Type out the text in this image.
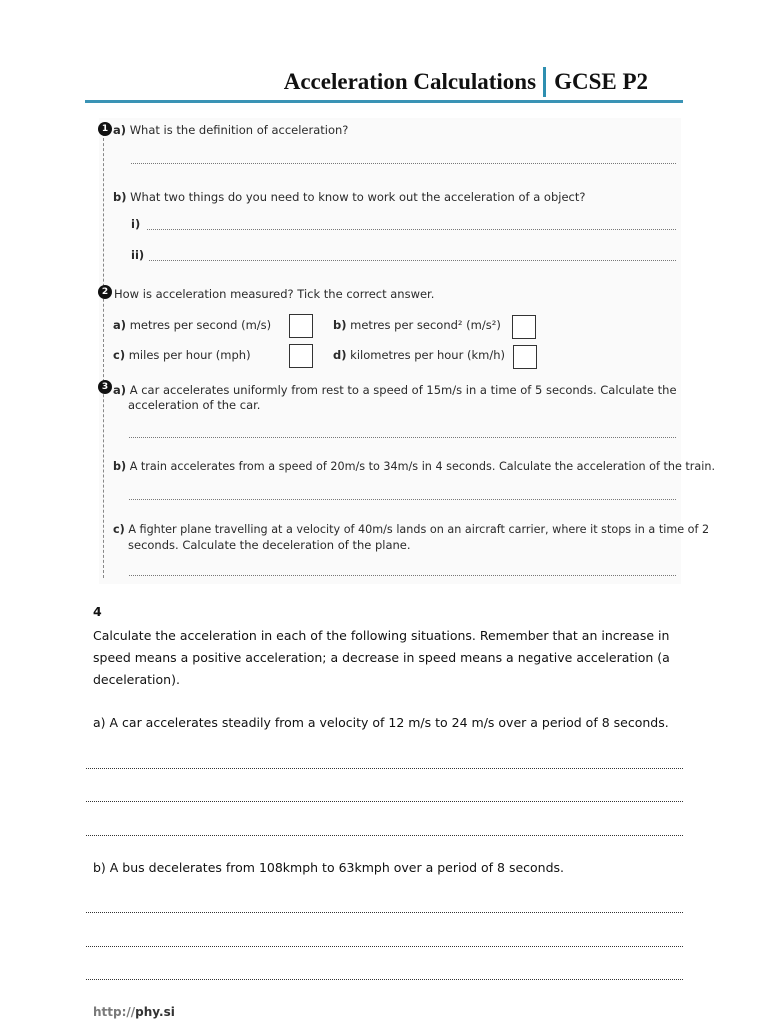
Acceleration Calculations GCSE P2
1 a) What is the definition of acceleration?
b) What two things do you need to know to work out the acceleration of a object?
i)
ii)
2 How is acceleration measured? Tick the correct answer.
a) metres per second (m/s)	b) metres per second² (m/s²)
c) miles per hour (mph)	d) kilometres per hour (km/h)
3 a) A car accelerates uniformly from rest to a speed of 15m/s in a time of 5 seconds. Calculate the
acceleration of the car.
b) A train accelerates from a speed of 20m/s to 34m/s in 4 seconds. Calculate the acceleration of the train.
c) A fighter plane travelling at a velocity of 40m/s lands on an aircraft carrier, where it stops in a time of 2
seconds. Calculate the deceleration of the plane.
4
Calculate the acceleration in each of the following situations. Remember that an increase in speed means a positive acceleration; a decrease in speed means a negative acceleration (a deceleration).
a) A car accelerates steadily from a velocity of 12 m/s to 24 m/s over a period of 8 seconds.
b) A bus decelerates from 108kmph to 63kmph over a period of 8 seconds.
http://phy.si
